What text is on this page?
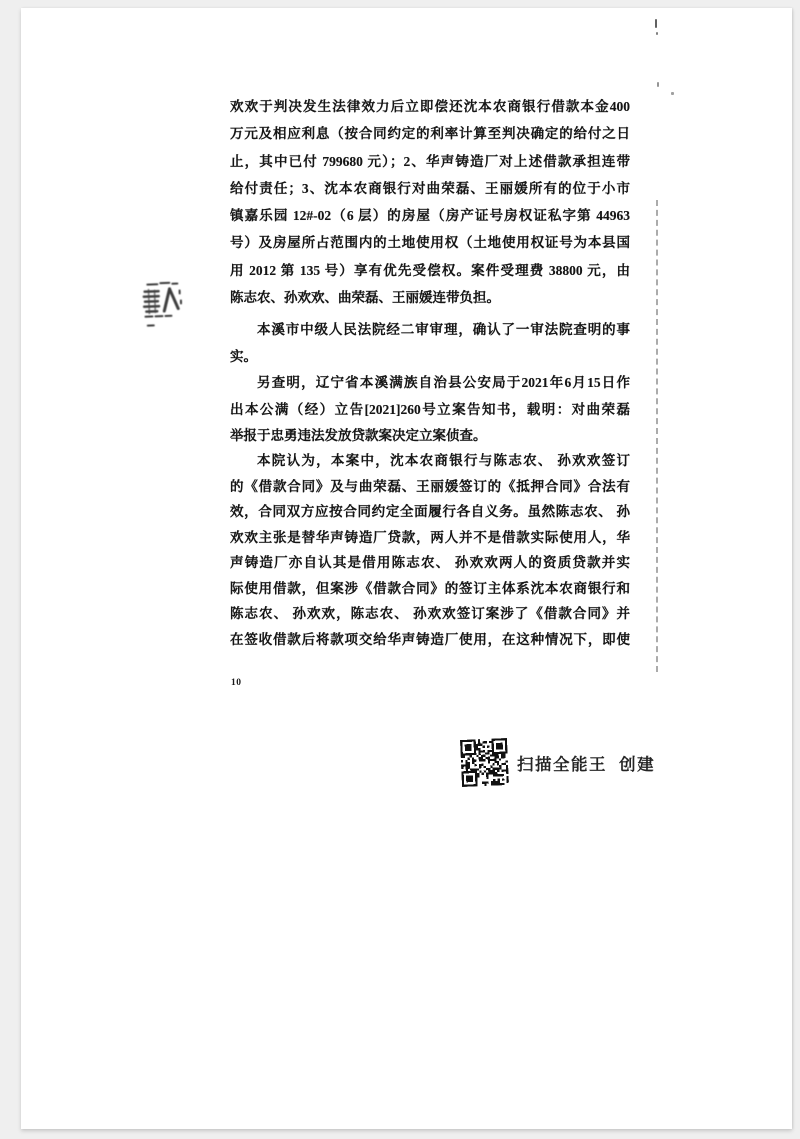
欢欢于判决发生法律效力后立即偿还沈本农商银行借款本金400
万元及相应利息（按合同约定的利率计算至判决确定的给付之日
止，其中已付 799680 元）；2、华声铸造厂对上述借款承担连带
给付责任；3、沈本农商银行对曲荣磊、王丽媛所有的位于小市
镇嘉乐园 12#-02（6 层）的房屋（房产证号房权证私字第 44963
号）及房屋所占范围内的土地使用权（土地使用权证号为本县国
用 2012 第 135 号）享有优先受偿权。案件受理费 38800 元，由
陈志农、孙欢欢、曲荣磊、王丽媛连带负担。
本溪市中级人民法院经二审审理，确认了一审法院查明的事
实。
另查明，辽宁省本溪满族自治县公安局于2021年6月15日作
出本公满（经）立告[2021]260号立案告知书，载明：对曲荣磊
举报于忠勇违法发放贷款案决定立案侦查。
本院认为，本案中，沈本农商银行与陈志农、 孙欢欢签订
的《借款合同》及与曲荣磊、王丽媛签订的《抵押合同》合法有
效，合同双方应按合同约定全面履行各自义务。虽然陈志农、 孙
欢欢主张是替华声铸造厂贷款，两人并不是借款实际使用人，华
声铸造厂亦自认其是借用陈志农、 孙欢欢两人的资质贷款并实
际使用借款，但案涉《借款合同》的签订主体系沈本农商银行和
陈志农、 孙欢欢，陈志农、 孙欢欢签订案涉了《借款合同》并
在签收借款后将款项交给华声铸造厂使用，在这种情况下，即使
10
扫描全能王  创建
